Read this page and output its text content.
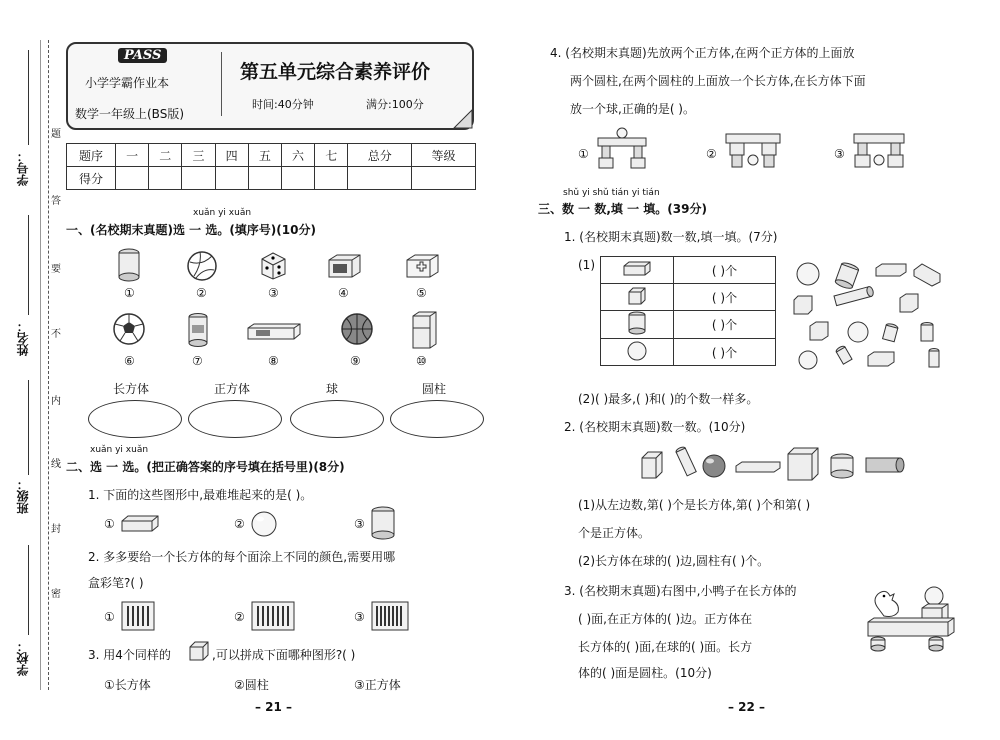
题
答
要
不
内
线
封
密
学号：
姓名：
班级：
学校：
PASS
小学学霸作业本
数学一年级上(BS版)
第五单元综合素养评价
时间:40分钟	满分:100分
题序	一	二	三	四	五	六	七	总分	等级
得分									
xuǎn yi xuǎn
一、(名校期末真题)选 一 选。(填序号)(10分)
①	②	③	④	⑤
⑥	⑦	⑧	⑨	⑩
长方体	正方体	球	圆柱
xuǎn yi xuǎn
二、选 一 选。(把正确答案的序号填在括号里)(8分)
1. 下面的这些图形中,最难堆起来的是( )。
①	②	③
2. 多多要给一个长方体的每个面涂上不同的颜色,需要用哪
盒彩笔?( )
①	②	③
3. 用4个同样的	,可以拼成下面哪种图形?( )
①长方体	②圆柱	③正方体
– 21 –
4. (名校期末真题)先放两个正方体,在两个正方体的上面放
两个圆柱,在两个圆柱的上面放一个长方体,在长方体下面
放一个球,正确的是( )。
①	②	③
shǔ yi shǔ tián yi tián
三、数 一 数,填 一 填。(39分)
1. (名校期末真题)数一数,填一填。(7分)
(1)
		( )个
	( )个
	( )个
	( )个
(2)( )最多,( )和( )的个数一样多。
2. (名校期末真题)数一数。(10分)
(1)从左边数,第( )个是长方体,第( )个和第( )
个是正方体。
(2)长方体在球的( )边,圆柱有( )个。
3. (名校期末真题)右图中,小鸭子在长方体的
( )面,在正方体的( )边。正方体在
长方体的( )面,在球的( )面。长方
体的( )面是圆柱。(10分)
– 22 –
